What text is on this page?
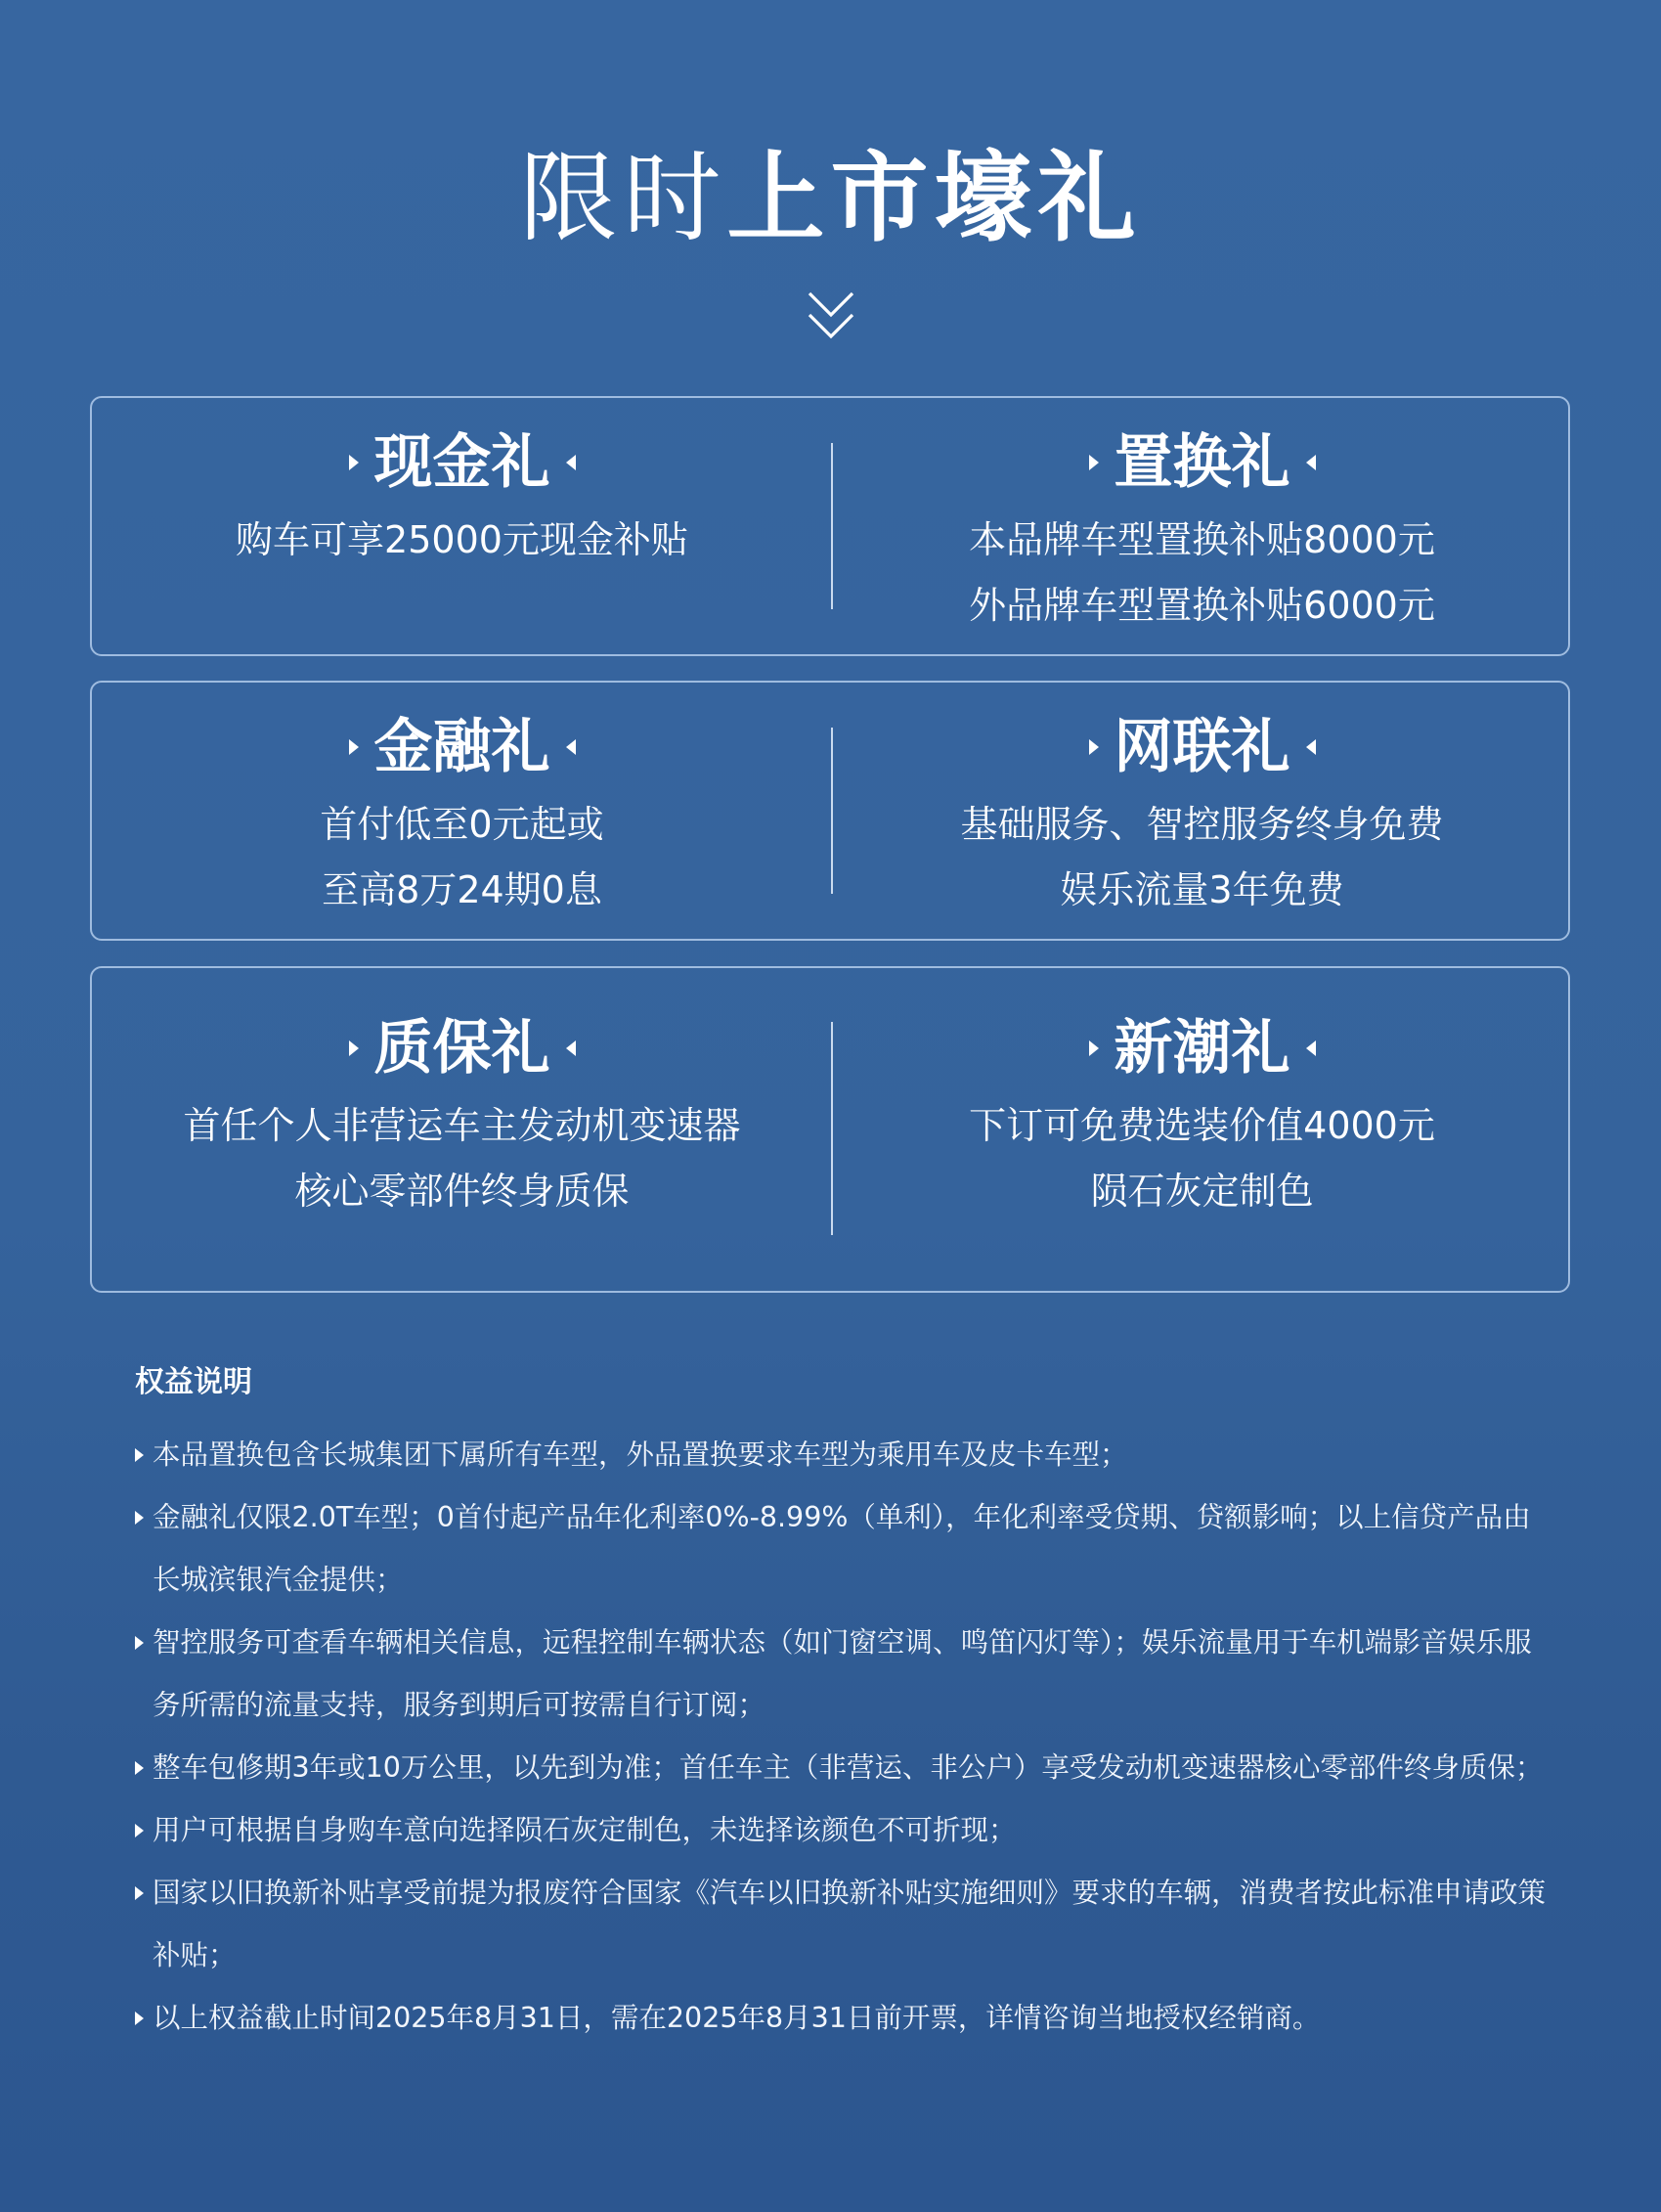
限时上市壕礼
现金礼
购车可享25000元现金补贴
置换礼
本品牌车型置换补贴8000元
外品牌车型置换补贴6000元
金融礼
首付低至0元起或
至高8万24期0息
网联礼
基础服务、智控服务终身免费
娱乐流量3年免费
质保礼
首任个人非营运车主发动机变速器
核心零部件终身质保
新潮礼
下订可免费选装价值4000元
陨石灰定制色
权益说明
本品置换包含长城集团下属所有车型，外品置换要求车型为乘用车及皮卡车型；
金融礼仅限2.0T车型；0首付起产品年化利率0%-8.99%（单利），年化利率受贷期、贷额影响；以上信贷产品由长城滨银汽金提供；
智控服务可查看车辆相关信息，远程控制车辆状态（如门窗空调、鸣笛闪灯等）；娱乐流量用于车机端影音娱乐服务所需的流量支持，服务到期后可按需自行订阅；
整车包修期3年或10万公里，以先到为准；首任车主（非营运、非公户）享受发动机变速器核心零部件终身质保；
用户可根据自身购车意向选择陨石灰定制色，未选择该颜色不可折现；
国家以旧换新补贴享受前提为报废符合国家《汽车以旧换新补贴实施细则》要求的车辆，消费者按此标准申请政策补贴；
以上权益截止时间2025年8月31日，需在2025年8月31日前开票，详情咨询当地授权经销商。
